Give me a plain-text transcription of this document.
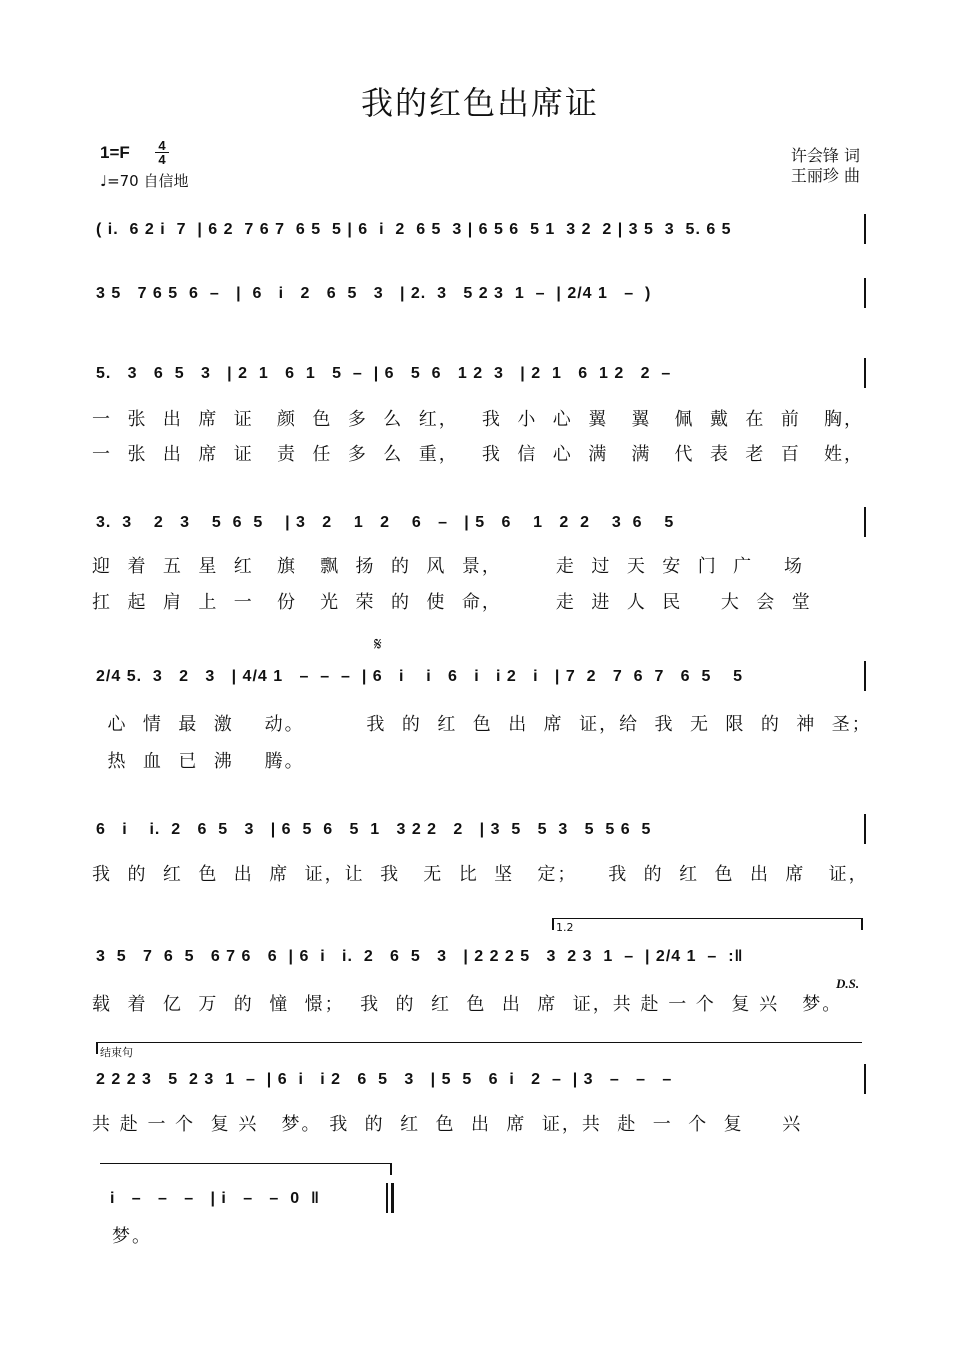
我的红色出席证
$1=F \frac{4}{4}$
♩=70 自信地
许会锋 词
王丽珍 曲
( i.  6 2 i  7  | 6 2  7 6 7  6 5  5 | 6  i  2  6 5  3 | 6 5 6  5 1  3 2  2 | 3 5  3  5. 6 5
3 5   7 6 5  6  –   |  6   i   2   6  5   3   | 2.  3   5 2 3  1  –  | 2/4 1   –  )
5.   3   6  5   3   | 2  1   6  1   5  –  | 6   5  6   1 2  3   | 2  1   6  1 2   2  –
一  张  出  席  证   颜  色  多  么  红，   我  小  心  翼   翼   佩  戴  在  前   胸，
一  张  出  席  证   责  任  多  么  重，   我  信  心  满   满   代  表  老  百   姓，
3.  3    2   3    5  6  5    | 3   2    1   2    6   –   | 5   6    1   2  2    3  6    5
迎  着  五  星  红   旗   飘  扬  的  风  景，       走  过  天  安  门  广    场
扛  起  肩  上  一   份   光  荣  的  使  命，       走  进  人  民     大  会  堂
𝄋
2/4 5.  3   2   3   | 4/4 1   –  –  –  | 6   i    i   6   i   i 2   i   | 7  2   7  6  7   6  5    5
心  情  最  激    动。        我  的  红  色  出  席  证，给  我  无  限  的  神  圣；
热  血  已  沸    腾。
6   i    i.  2   6  5   3   | 6  5  6   5  1   3 2 2   2   | 3  5   5  3   5  5 6  5
我  的  红  色  出  席  证，让  我   无  比  坚   定；    我  的  红  色  出  席   证，
1.2
3  5   7  6  5   6 7 6   6  | 6  i   i.  2   6  5   3   | 2 2 2 5   3  2 3  1  –  | 2/4 1  –  :‖
D.S.
载  着  亿  万  的  憧  憬；  我  的  红  色  出  席  证，共 赴 一 个  复 兴   梦。
结束句
2 2 2 3   5  2 3  1  –  | 6  i   i 2   6  5   3   | 5  5   6  i   2  –  | 3   –   –   –
共 赴 一 个  复 兴   梦。 我  的  红  色  出  席  证，共  赴  一  个  复     兴
i   –   –   –   | i   –   –  0  ‖
梦。
